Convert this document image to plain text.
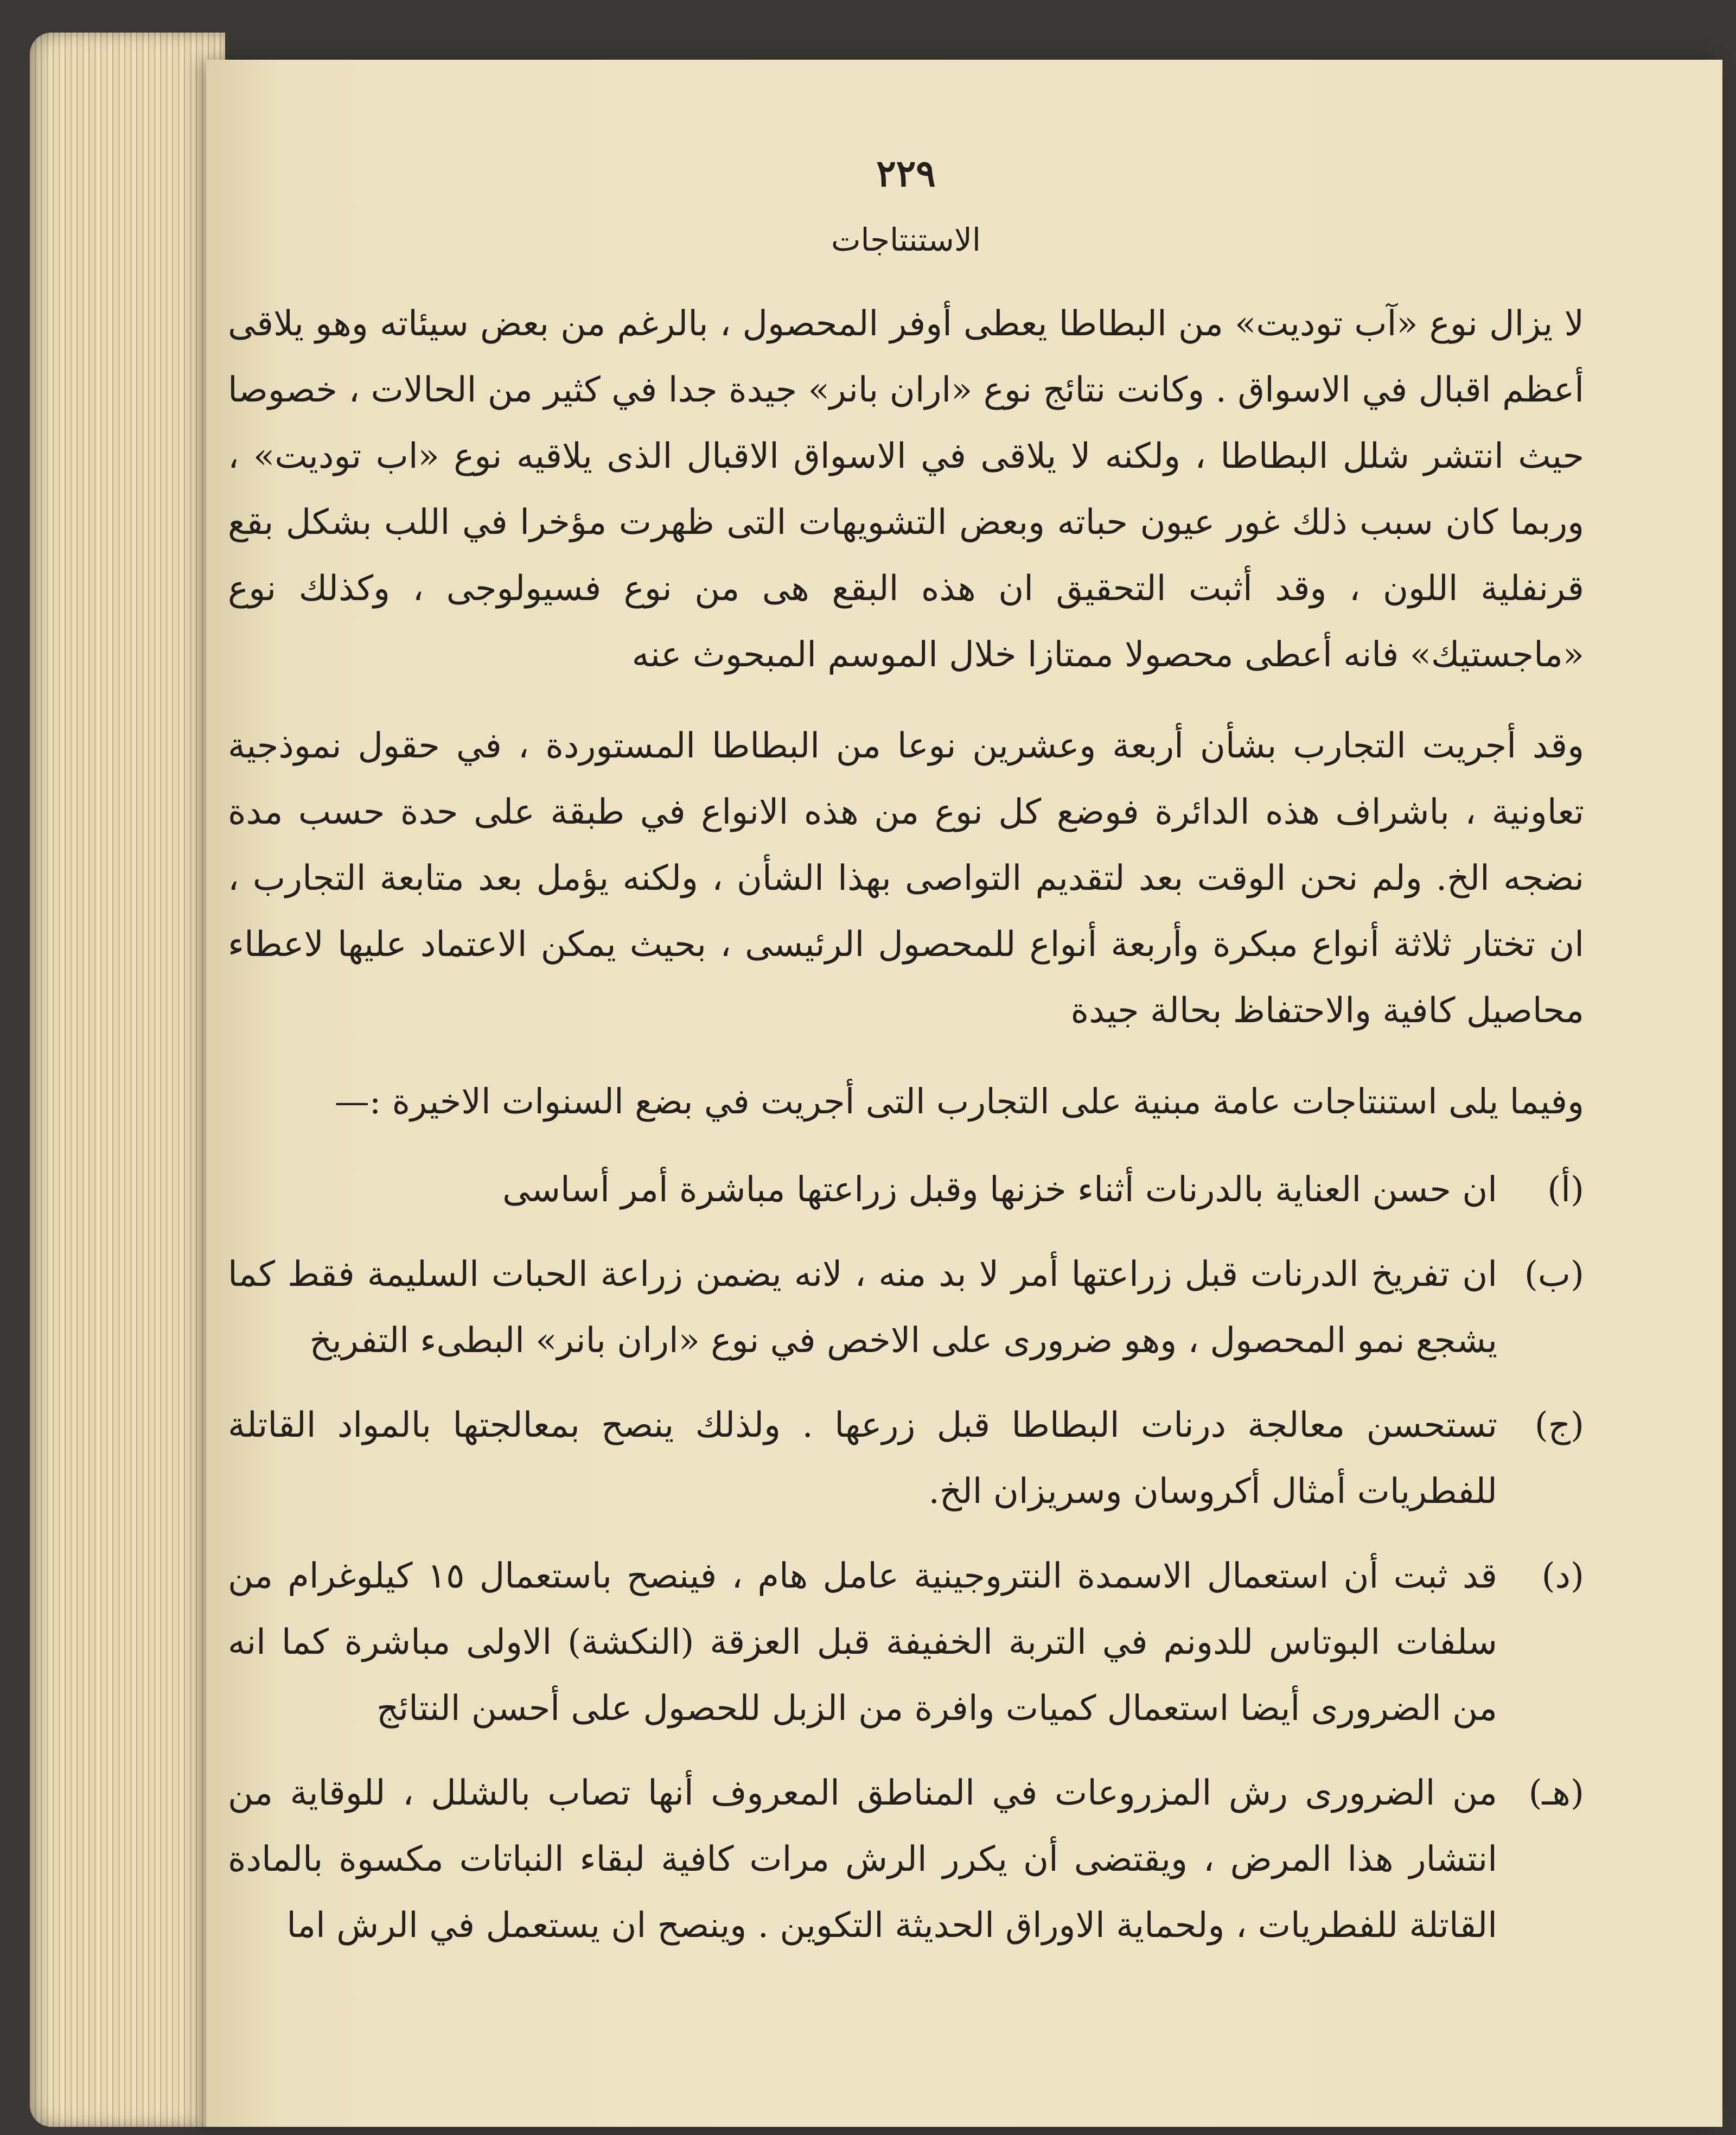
٢٢٩
الاستنتاجات

لا يزال نوع «آب توديت» من البطاطا يعطى أوفر المحصول ، بالرغم من بعض سيئاته وهو يلاقى أعظم اقبال في الاسواق . وكانت نتائج نوع «اران بانر» جيدة جدا في كثير من الحالات ، خصوصا حيث انتشر شلل البطاطا ، ولكنه لا يلاقى في الاسواق الاقبال الذى يلاقيه نوع «اب توديت» ، وربما كان سبب ذلك غور عيون حباته وبعض التشويهات التى ظهرت مؤخرا في اللب بشكل بقع قرنفلية اللون ، وقد أثبت التحقيق ان هذه البقع هى من نوع فسيولوجى ، وكذلك نوع «ماجستيك» فانه أعطى محصولا ممتازا خلال الموسم المبحوث عنه

وقد أجريت التجارب بشأن أربعة وعشرين نوعا من البطاطا المستوردة ، في حقول نموذجية تعاونية ، باشراف هذه الدائرة فوضع كل نوع من هذه الانواع في طبقة على حدة حسب مدة نضجه الخ. ولم نحن الوقت بعد لتقديم التواصى بهذا الشأن ، ولكنه يؤمل بعد متابعة التجارب ، ان تختار ثلاثة أنواع مبكرة وأربعة أنواع للمحصول الرئيسى ، بحيث يمكن الاعتماد عليها لاعطاء محاصيل كافية والاحتفاظ بحالة جيدة

وفيما يلى استنتاجات عامة مبنية على التجارب التى أجريت في بضع السنوات الاخيرة :—

(أ)
ان حسن العناية بالدرنات أثناء خزنها وقبل زراعتها مباشرة أمر أساسى
(ب)
ان تفريخ الدرنات قبل زراعتها أمر لا بد منه ، لانه يضمن زراعة الحبات السليمة فقط كما يشجع نمو المحصول ، وهو ضرورى على الاخص في نوع «اران بانر» البطىء التفريخ
(ج)
تستحسن معالجة درنات البطاطا قبل زرعها . ولذلك ينصح بمعالجتها بالمواد القاتلة للفطريات أمثال أكروسان وسريزان الخ.
(د)
قد ثبت أن استعمال الاسمدة النتروجينية عامل هام ، فينصح باستعمال ١٥ كيلوغرام من سلفات البوتاس للدونم في التربة الخفيفة قبل العزقة (النكشة) الاولى مباشرة كما انه من الضرورى أيضا استعمال كميات وافرة من الزبل للحصول على أحسن النتائج
(هـ)
من الضرورى رش المزروعات في المناطق المعروف أنها تصاب بالشلل ، للوقاية من انتشار هذا المرض ، ويقتضى أن يكرر الرش مرات كافية لبقاء النباتات مكسوة بالمادة القاتلة للفطريات ، ولحماية الاوراق الحديثة التكوين . وينصح ان يستعمل في الرش اما
